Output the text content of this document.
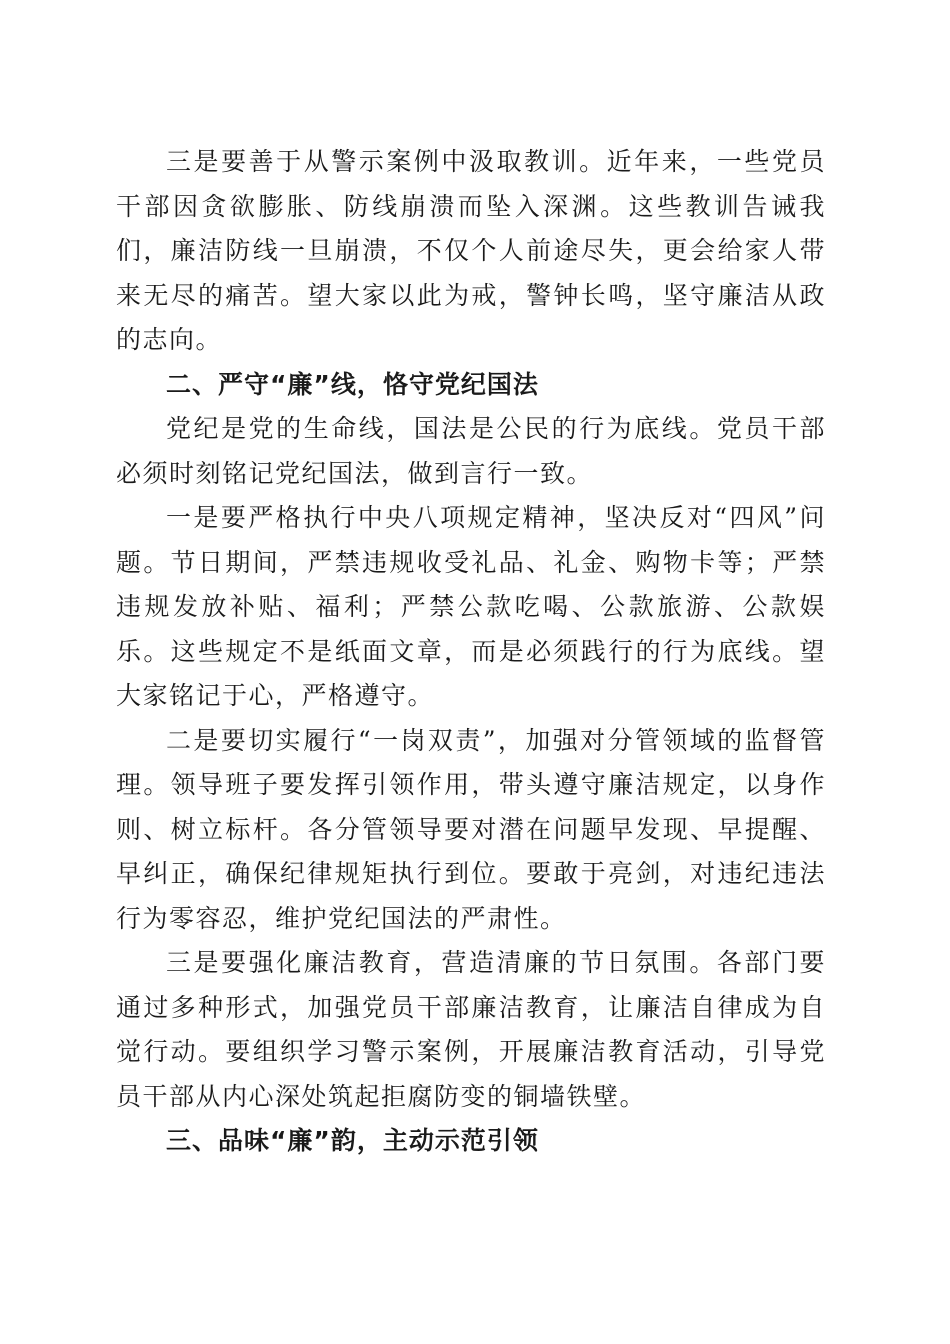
三是要善于从警示案例中汲取教训。近年来，一些党员干部因贪欲膨胀、防线崩溃而坠入深渊。这些教训告诫我们，廉洁防线一旦崩溃，不仅个人前途尽失，更会给家人带来无尽的痛苦。望大家以此为戒，警钟长鸣，坚守廉洁从政的志向。

二、严守“廉”线，恪守党纪国法

党纪是党的生命线，国法是公民的行为底线。党员干部必须时刻铭记党纪国法，做到言行一致。

一是要严格执行中央八项规定精神，坚决反对“四风”问题。节日期间，严禁违规收受礼品、礼金、购物卡等；严禁违规发放补贴、福利；严禁公款吃喝、公款旅游、公款娱乐。这些规定不是纸面文章，而是必须践行的行为底线。望大家铭记于心，严格遵守。

二是要切实履行“一岗双责”，加强对分管领域的监督管理。领导班子要发挥引领作用，带头遵守廉洁规定，以身作则、树立标杆。各分管领导要对潜在问题早发现、早提醒、早纠正，确保纪律规矩执行到位。要敢于亮剑，对违纪违法行为零容忍，维护党纪国法的严肃性。

三是要强化廉洁教育，营造清廉的节日氛围。各部门要通过多种形式，加强党员干部廉洁教育，让廉洁自律成为自觉行动。要组织学习警示案例，开展廉洁教育活动，引导党员干部从内心深处筑起拒腐防变的铜墙铁壁。

三、品味“廉”韵，主动示范引领
